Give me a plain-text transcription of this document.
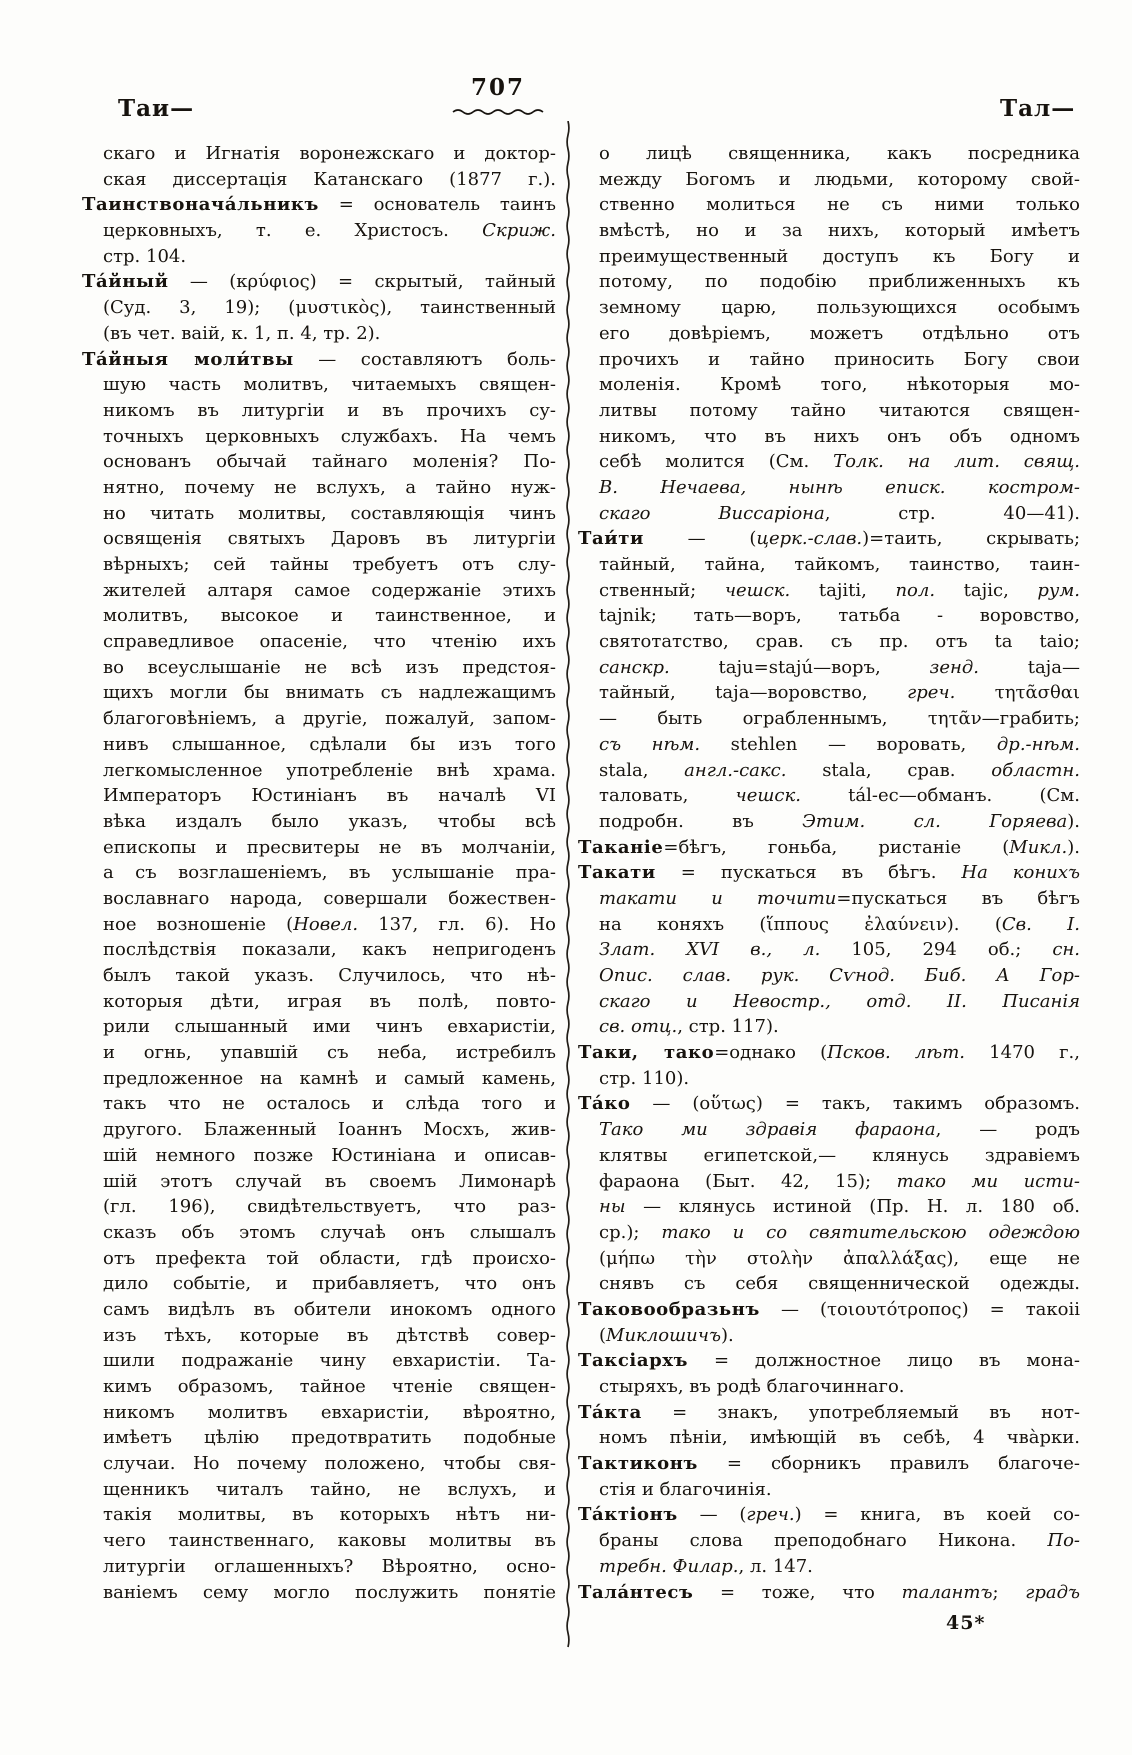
707
Таи—	Тал—
скаго и Игнатія воронежскаго и доктор-
ская диссертація Катанскаго (1877 г.).
Таинствонача́льникъ = основатель таинъ
церковныхъ, т. е. Христосъ. Скриж.
стр. 104.
Та́йный — (κρύφιος) = скрытый, тайный
(Суд. 3, 19); (μυστικὸς), таинственный
(въ чет. ваій, к. 1, п. 4, тр. 2).
Та́йныя моли́твы — составляютъ боль-
шую часть молитвъ, читаемыхъ священ-
никомъ въ литургіи и въ прочихъ су-
точныхъ церковныхъ службахъ. На чемъ
основанъ обычай тайнаго моленія? По-
нятно, почему не вслухъ, а тайно нуж-
но читать молитвы, составляющія чинъ
освященія святыхъ Даровъ въ литургіи
вѣрныхъ; сей тайны требуетъ отъ слу-
жителей алтаря самое содержаніе этихъ
молитвъ, высокое и таинственное, и
справедливое опасеніе, что чтенію ихъ
во всеуслышаніе не всѣ изъ предстоя-
щихъ могли бы внимать съ надлежащимъ
благоговѣніемъ, а другіе, пожалуй, запом-
нивъ слышанное, сдѣлали бы изъ того
легкомысленное употребленіе внѣ храма.
Императоръ Юстиніанъ въ началѣ VI
вѣка издалъ было указъ, чтобы всѣ
епископы и пресвитеры не въ молчаніи,
а съ возглашеніемъ, въ услышаніе пра-
вославнаго народа, совершали божествен-
ное возношеніе (Новел. 137, гл. 6). Но
послѣдствія показали, какъ непригоденъ
былъ такой указъ. Случилось, что нѣ-
которыя дѣти, играя въ полѣ, повто-
рили слышанный ими чинъ евхаристіи,
и огнь, упавшій съ неба, истребилъ
предложенное на камнѣ и самый камень,
такъ что не осталось и слѣда того и
другого. Блаженный Іоаннъ Мосхъ, жив-
шій немного позже Юстиніана и описав-
шій этотъ случай въ своемъ Лимонарѣ
(гл. 196), свидѣтельствуетъ, что раз-
сказъ объ этомъ случаѣ онъ слышалъ
отъ префекта той области, гдѣ происхо-
дило событіе, и прибавляетъ, что онъ
самъ видѣлъ въ обители инокомъ одного
изъ тѣхъ, которые въ дѣтствѣ совер-
шили подражаніе чину евхаристіи. Та-
кимъ образомъ, тайное чтеніе священ-
никомъ молитвъ евхаристіи, вѣроятно,
имѣетъ цѣлію предотвратить подобные
случаи. Но почему положено, чтобы свя-
щенникъ читалъ тайно, не вслухъ, и
такія молитвы, въ которыхъ нѣтъ ни-
чего таинственнаго, каковы молитвы въ
литургіи оглашенныхъ? Вѣроятно, осно-
ваніемъ сему могло послужить понятіе
о лицѣ священника, какъ посредника
между Богомъ и людьми, которому свой-
ственно молиться не съ ними только
вмѣстѣ, но и за нихъ, который имѣетъ
преимущественный доступъ къ Богу и
потому, по подобію приближенныхъ къ
земному царю, пользующихся особымъ
его довѣріемъ, можетъ отдѣльно отъ
прочихъ и тайно приносить Богу свои
моленія. Кромѣ того, нѣкоторыя мо-
литвы потому тайно читаются священ-
никомъ, что въ нихъ онъ объ одномъ
себѣ молится (См. Толк. на лит. свящ.
В. Нечаева, нынѣ еписк. костром-
скаго Виссаріона, стр. 40—41).
Таи́ти — (церк.-слав.)=таить, скрывать;
тайный, тайна, тайкомъ, таинство, таин-
ственный; чешск. tajiti, пол. tajic, рум.
tajnik; тать—воръ, татьба - воровство,
святотатство, срав. съ пр. отъ ta taio;
санскр. taju=stajú—воръ, зенд. taja—
тайный, taja—воровство, греч. τητᾶσθαι
— быть ограбленнымъ, τητᾶν—грабить;
съ нѣм. stehlen — воровать, др.-нѣм.
stala, англ.-сакс. stala, срав. областн.
таловать, чешск. tál-ec—обманъ. (См.
подробн. въ Этим. сл. Горяева).
Таканіе=бѣгъ, гоньба, ристаніе (Микл.).
Такати = пускаться въ бѣгъ. На конихъ
такати и точити=пускаться въ бѣгъ
на коняхъ (ἵππους ἐλαύνειν). (Св. І.
Злат. XVI в., л. 105, 294 об.; сн.
Опис. слав. рук. Сѵнод. Биб. А Гор-
скаго и Невостр., отд. II. Писанія
св. отц., стр. 117).
Таки, тако=однако (Псков. лѣт. 1470 г.,
стр. 110).
Та́ко — (οὕτως) = такъ, такимъ образомъ.
Тако ми здравія фараона, — родъ
клятвы египетской,— клянусь здравіемъ
фараона (Быт. 42, 15); тако ми исти-
ны — клянусь истиной (Пр. Н. л. 180 об.
ср.); тако и со святительскою одеждою
(μήπω τὴν στολὴν ἀπαλλάξας), еще не
снявъ съ себя священнической одежды.
Таковообразьнъ — (τοιουτότροπος) = такоіі
(Миклошичъ).
Таксіархъ = должностное лицо въ мона-
стыряхъ, въ родѣ благочиннаго.
Та́кта = знакъ, употребляемый въ нот-
номъ пѣніи, имѣющій въ себѣ, 4 чва̀рки.
Тактиконъ = сборникъ правилъ благоче-
стія и благочинія.
Та́ктіонъ — (греч.) = книга, въ коей со-
браны слова преподобнаго Никона. По-
требн. Филар., л. 147.
Тала́нтесъ = тоже, что талантъ; градъ
45*
